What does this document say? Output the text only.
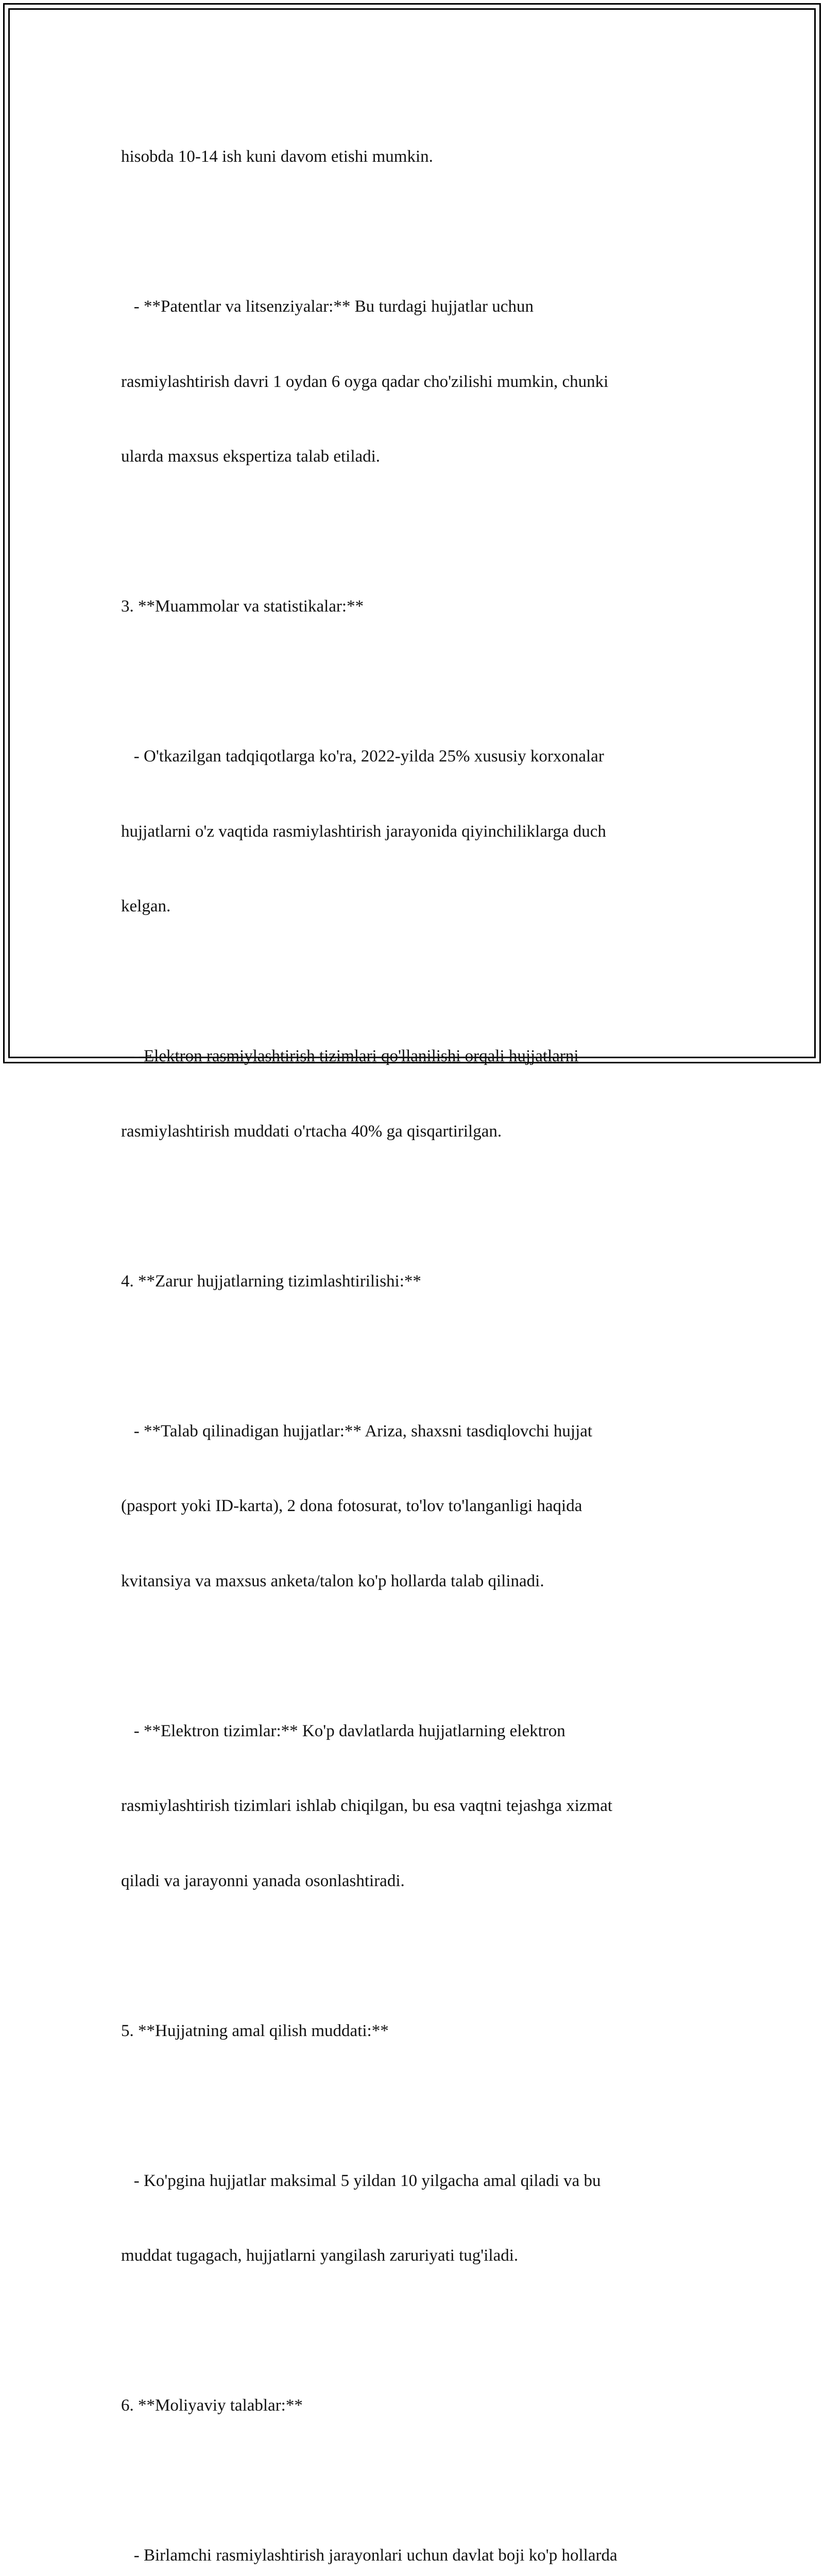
hisobda 10-14 ish kuni davom etishi mumkin.

- **Patentlar va litsenziyalar:** Bu turdagi hujjatlar uchun

rasmiylashtirish davri 1 oydan 6 oyga qadar cho'zilishi mumkin, chunki

ularda maxsus ekspertiza talab etiladi.

3. **Muammolar va statistikalar:**

- O'tkazilgan tadqiqotlarga ko'ra, 2022-yilda 25% xususiy korxonalar

hujjatlarni o'z vaqtida rasmiylashtirish jarayonida qiyinchiliklarga duch

kelgan.

- Elektron rasmiylashtirish tizimlari qo'llanilishi orqali hujjatlarni

rasmiylashtirish muddati o'rtacha 40% ga qisqartirilgan.

4. **Zarur hujjatlarning tizimlashtirilishi:**

- **Talab qilinadigan hujjatlar:** Ariza, shaxsni tasdiqlovchi hujjat

(pasport yoki ID-karta), 2 dona fotosurat, to'lov to'langanligi haqida

kvitansiya va maxsus anketa/talon ko'p hollarda talab qilinadi.

- **Elektron tizimlar:** Ko'p davlatlarda hujjatlarning elektron

rasmiylashtirish tizimlari ishlab chiqilgan, bu esa vaqtni tejashga xizmat

qiladi va jarayonni yanada osonlashtiradi.

5. **Hujjatning amal qilish muddati:**

- Ko'pgina hujjatlar maksimal 5 yildan 10 yilgacha amal qiladi va bu

muddat tugagach, hujjatlarni yangilash zaruriyati tug'iladi.

6. **Moliyaviy talablar:**

- Birlamchi rasmiylashtirish jarayonlari uchun davlat boji ko'p hollarda
